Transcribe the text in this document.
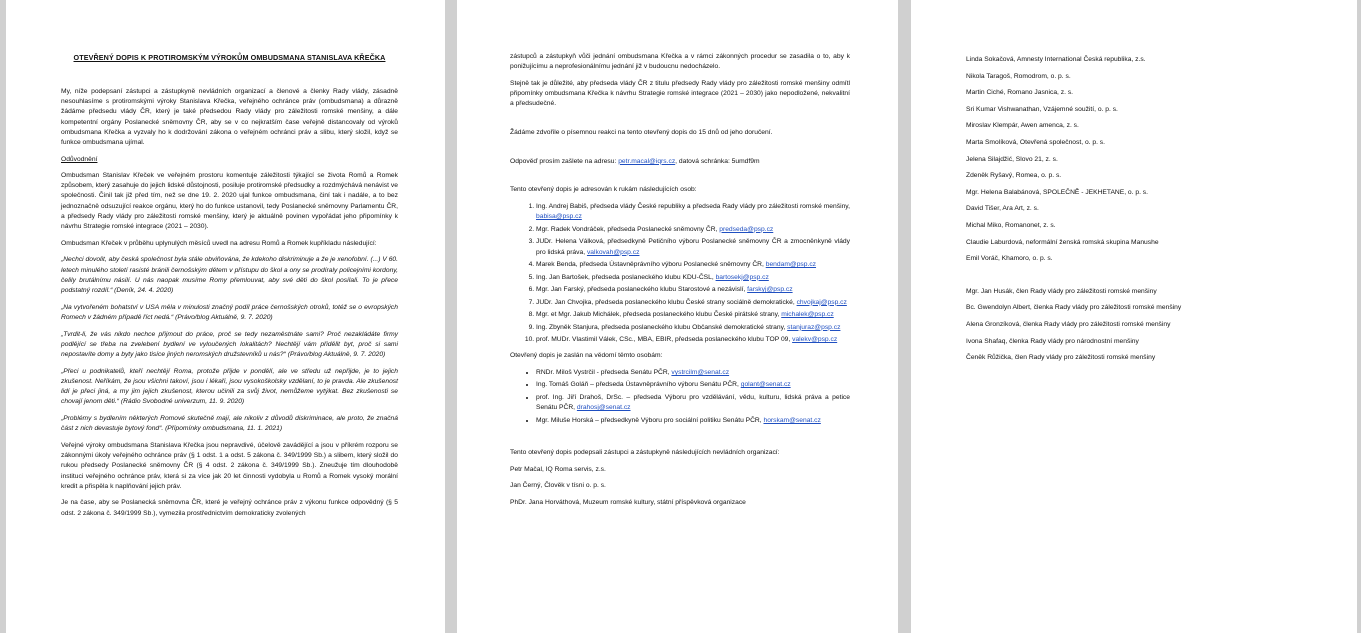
OTEVŘENÝ DOPIS K PROTIROMSKÝM VÝROKŮM OMBUDSMANA STANISLAVA KŘEČKA

My, níže podepsaní zástupci a zástupkyně nevládních organizací a členové a členky Rady vlády, zásadně nesouhlasíme s protiromskými výroky Stanislava Křečka, veřejného ochránce práv (ombudsmana) a důrazně žádáme předsedu vlády ČR, který je také předsedou Rady vlády pro záležitosti romské menšiny, a dále kompetentní orgány Poslanecké sněmovny ČR, aby se v co nejkratším čase veřejně distancovaly od výroků ombudsmana Křečka a vyzvaly ho k dodržování zákona o veřejném ochránci práv a slibu, který složil, když se funkce ombudsmana ujímal.

Odůvodnění

Ombudsman Stanislav Křeček ve veřejném prostoru komentuje záležitosti týkající se života Romů a Romek způsobem, který zasahuje do jejich lidské důstojnosti, posiluje protiromské předsudky a rozdmýchává nenávist ve společnosti. Činil tak již před tím, než se dne 19. 2. 2020 ujal funkce ombudsmana, činí tak i nadále, a to bez jednoznačně odsuzující reakce orgánu, který ho do funkce ustanovil, tedy Poslanecké sněmovny Parlamentu ČR, a předsedy Rady vlády pro záležitosti romské menšiny, který je aktuálně povinen vypořádat jeho připomínky k návrhu Strategie romské integrace (2021 – 2030).

Ombudsman Křeček v průběhu uplynulých měsíců uvedl na adresu Romů a Romek kupříkladu následující:

„Nechci dovolit, aby česká společnost byla stále obviňována, že kdekoho diskriminuje a že je xenofobní. (...) V 60. letech minulého století rasisté bránili černošským dětem v přístupu do škol a ony se prodíraly policejními kordony, čelily brutálnímu násilí. U nás naopak musíme Romy přemlouvat, aby své děti do škol posílali. To je přece podstatný rozdíl.“ (Deník, 24. 4. 2020)

„Na vytvořeném bohatství v USA měla v minulosti značný podíl práce černošských otroků, totéž se o evropských Romech v žádném případě říct nedá.“ (Právo/blog Aktuálně, 9. 7. 2020)

„Tvrdit-li, že vás nikdo nechce přijmout do práce, proč se tedy nezaměstnáte sami? Proč nezakládáte firmy podlějící se třeba na zvelebení bydlení ve vyloučených lokalitách? Nechtějí vám přidělit byt, proč si sami nepostavíte domy a byty jako tisíce jiných neromských družstevníků u nás?“ (Právo/blog Aktuálně, 9. 7. 2020)

„Přeci u podnikatelů, kteří nechtějí Roma, protože přijde v pondělí, ale ve středu už nepřijde, je to jejich zkušenost. Neříkám, že jsou všichni takoví, jsou i lékaři, jsou vysokoškolsky vzdělaní, to je pravda. Ale zkušenost lidí je přeci jiná, a my jim jejich zkušenost, kterou učinili za svůj život, nemůžeme vytýkat. Bez zkušenosti se chovají jenom děti.“ (Rádio Svobodné univerzum, 11. 9. 2020)

„Problémy s bydlením některých Romové skutečně mají, ale nikoliv z důvodů diskriminace, ale proto, že značná část z nich devastuje bytový fond“. (Připomínky ombudsmana, 11. 1. 2021)

Veřejné výroky ombudsmana Stanislava Křečka jsou nepravdivé, účelově zavádějící a jsou v příkrém rozporu se zákonnými úkoly veřejného ochránce práv (§ 1 odst. 1 a odst. 5 zákona č. 349/1999 Sb.) a slibem, který složil do rukou předsedy Poslanecké sněmovny ČR (§ 4 odst. 2 zákona č. 349/1999 Sb.). Zneužuje tím dlouhodobě instituci veřejného ochránce práv, která si za více jak 20 let činnosti vydobyla u Romů a Romek vysoký morální kredit a přispěla k naplňování jejich práv.

Je na čase, aby se Poslanecká sněmovna ČR, které je veřejný ochránce práv z výkonu funkce odpovědný (§ 5 odst. 2 zákona č. 349/1999 Sb.), vymezila prostřednictvím demokraticky zvolených

zástupců a zástupkyň vůči jednání ombudsmana Křečka a v rámci zákonných procedur se zasadila o to, aby k ponižujícímu a neprofesionálnímu jednání již v budoucnu nedocházelo.

Stejně tak je důležité, aby předseda vlády ČR z titulu předsedy Rady vlády pro záležitosti romské menšiny odmítl připomínky ombudsmana Křečka k návrhu Strategie romské integrace (2021 – 2030) jako nepodložené, nekvalitní a předsudečné.

Žádáme zdvořile o písemnou reakci na tento otevřený dopis do 15 dnů od jeho doručení.

Odpověď prosím zašlete na adresu: petr.macal@iqrs.cz, datová schránka: 5umdf9m

Tento otevřený dopis je adresován k rukám následujících osob:

1. Ing. Andrej Babiš, předseda vlády České republiky a předseda Rady vlády pro záležitosti romské menšiny, babisa@psp.cz
2. Mgr. Radek Vondráček, předseda Poslanecké sněmovny ČR, predseda@psp.cz
3. JUDr. Helena Válková, předsedkyně Petičního výboru Poslanecké sněmovny ČR a zmocněnkyně vlády pro lidská práva, valkovah@psp.cz
4. Marek Benda, předseda Ústavněprávního výboru Poslanecké sněmovny ČR, bendam@psp.cz
5. Ing. Jan Bartošek, předseda poslaneckého klubu KDU-ČSL, bartosekj@psp.cz
6. Mgr. Jan Farský, předseda poslaneckého klubu Starostové a nezávislí, farskyj@psp.cz
7. JUDr. Jan Chvojka, předseda poslaneckého klubu České strany sociálně demokratické, chvojkaj@psp.cz
8. Mgr. et Mgr. Jakub Michálek, předseda poslaneckého klubu České pirátské strany, michalek@psp.cz
9. Ing. Zbyněk Stanjura, předseda poslaneckého klubu Občanské demokratické strany, stanjuraz@psp.cz
10. prof. MUDr. Vlastimil Válek, CSc., MBA, EBIR, předseda poslaneckého klubu TOP 09, valekv@psp.cz

Otevřený dopis je zaslán na vědomí těmto osobám:

• RNDr. Miloš Vystrčil - předseda Senátu PČR, vystrcilm@senat.cz
• Ing. Tomáš Goláň – předseda Ústavněprávního výboru Senátu PČR, golant@senat.cz
• prof. Ing. Jiří Drahoš, DrSc. – předseda Výboru pro vzdělávání, vědu, kulturu, lidská práva a petice Senátu PČR, drahosj@senat.cz
• Mgr. Miluše Horská – předsedkyně Výboru pro sociální politiku Senátu PČR, horskam@senat.cz

Tento otevřený dopis podepsali zástupci a zástupkyně následujících nevládních organizací:

Petr Mačal, IQ Roma servis, z.s.

Jan Černý, Člověk v tísni o. p. s.

PhDr. Jana Horváthová, Muzeum romské kultury, státní příspěvková organizace

Linda Sokačová, Amnesty International Česká republika, z.s.

Nikola Taragoš, Romodrom, o. p. s.

Martin Ciché, Romano Jasnica, z. s.

Sri Kumar Vishwanathan, Vzájemné soužití, o. p. s.

Miroslav Klempár, Awen amenca, z. s.

Marta Smolíková, Otevřená společnost, o. p. s.

Jelena Silajdžić, Slovo 21, z. s.

Zdeněk Ryšavý, Romea, o. p. s.

Mgr. Helena Balabánová, SPOLEČNĚ - JEKHETANE, o. p. s.

David Tišer, Ara Art, z. s.

Michal Miko, Romanonet, z. s.

Claudie Laburdová, neformální ženská romská skupina Manushe

Emil Voráč, Khamoro, o. p. s.

Mgr. Jan Husák, člen Rady vlády pro záležitosti romské menšiny

Bc. Gwendolyn Albert, členka Rady vlády pro záležitosti romské menšiny

Alena Gronzíková, členka Rady vlády pro záležitosti romské menšiny

Ivona Shafaq, členka Rady vlády pro národnostní menšiny

Čeněk Růžička, člen Rady vlády pro záležitosti romské menšiny
